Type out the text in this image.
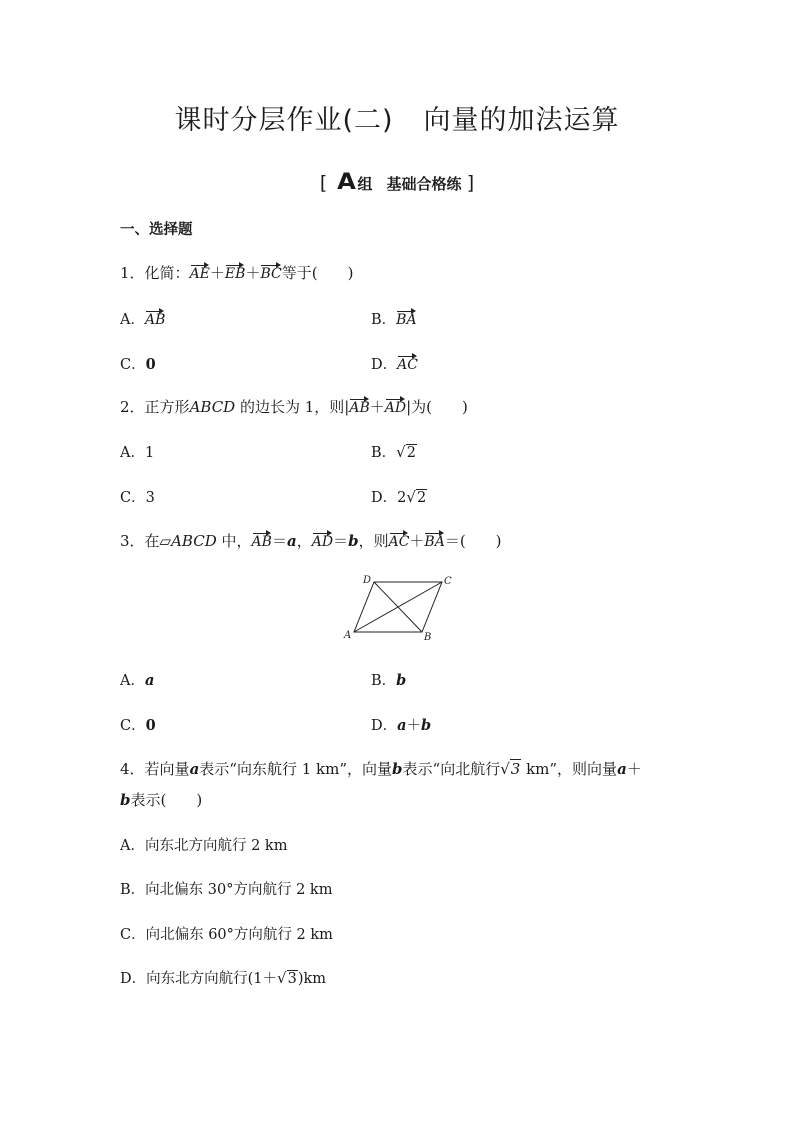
课时分层作业(二) 向量的加法运算
[ A组 基础合格练 ]
一、选择题
1．化简：AE＋EB＋BC等于(　　)
A．AB	B．BA
C．0	D．AC
2．正方形ABCD 的边长为 1，则|AB＋AD|为(　　)
A．1	B．√2
C．3	D．2√2
3．在▱ABCD 中，AB＝a，AD＝b，则AC＋BA＝(　　)
A	B
C
D
A．a	B．b
C．0	D．a＋b
4．若向量a表示“向东航行 1 km”，向量b表示“向北航行√3 km”，则向量a＋
b表示(　　)
A．向东北方向航行 2 km
B．向北偏东 30°方向航行 2 km
C．向北偏东 60°方向航行 2 km
D．向东北方向航行(1＋√3)km
